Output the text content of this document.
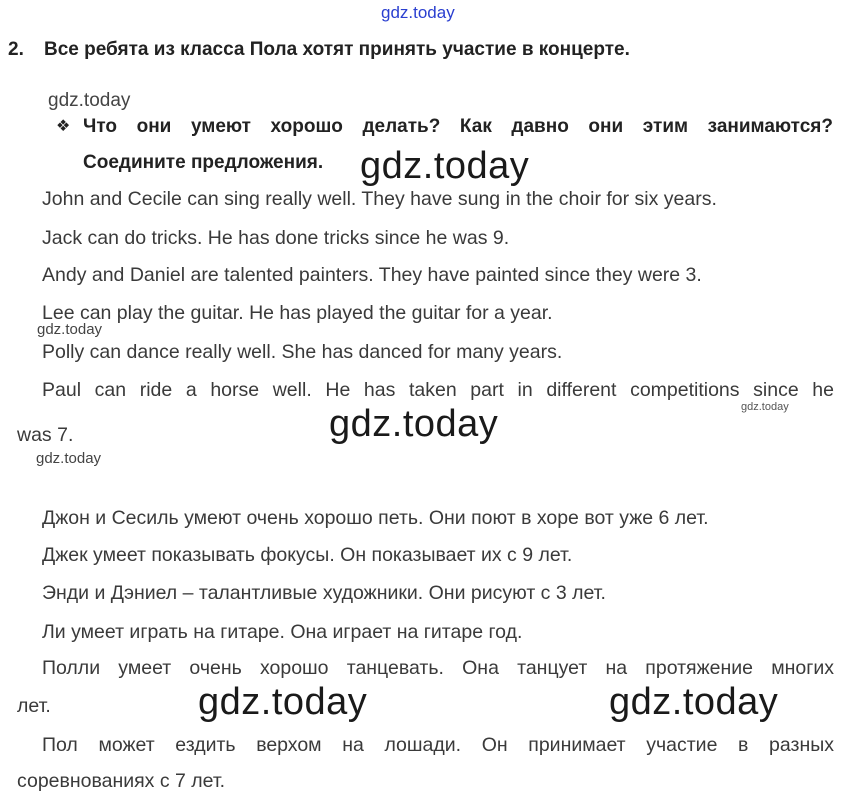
gdz.today
2. Все ребята из класса Пола хотят принять участие в концерте.
gdz.today
❖ Что они умеют хорошо делать? Как давно они этим занимаются?
Соедините предложения. gdz.today
John and Cecile can sing really well. They have sung in the choir for six years.
Jack can do tricks. He has done tricks since he was 9.
Andy and Daniel are talented painters. They have painted since they were 3.
Lee can play the guitar. He has played the guitar for a year.
gdz.today
Polly can dance really well. She has danced for many years.
Paul can ride a horse well. He has taken part in different competitions since he
gdz.today
was 7.	gdz.today
gdz.today
Джон и Сесиль умеют очень хорошо петь. Они поют в хоре вот уже 6 лет.
Джек умеет показывать фокусы. Он показывает их с 9 лет.
Энди и Дэниел – талантливые художники. Они рисуют с 3 лет.
Ли умеет играть на гитаре. Она играет на гитаре год.
Полли умеет очень хорошо танцевать. Она танцует на протяжение многих
лет.	gdz.today	gdz.today
Пол может ездить верхом на лошади. Он принимает участие в разных
соревнованиях с 7 лет.
